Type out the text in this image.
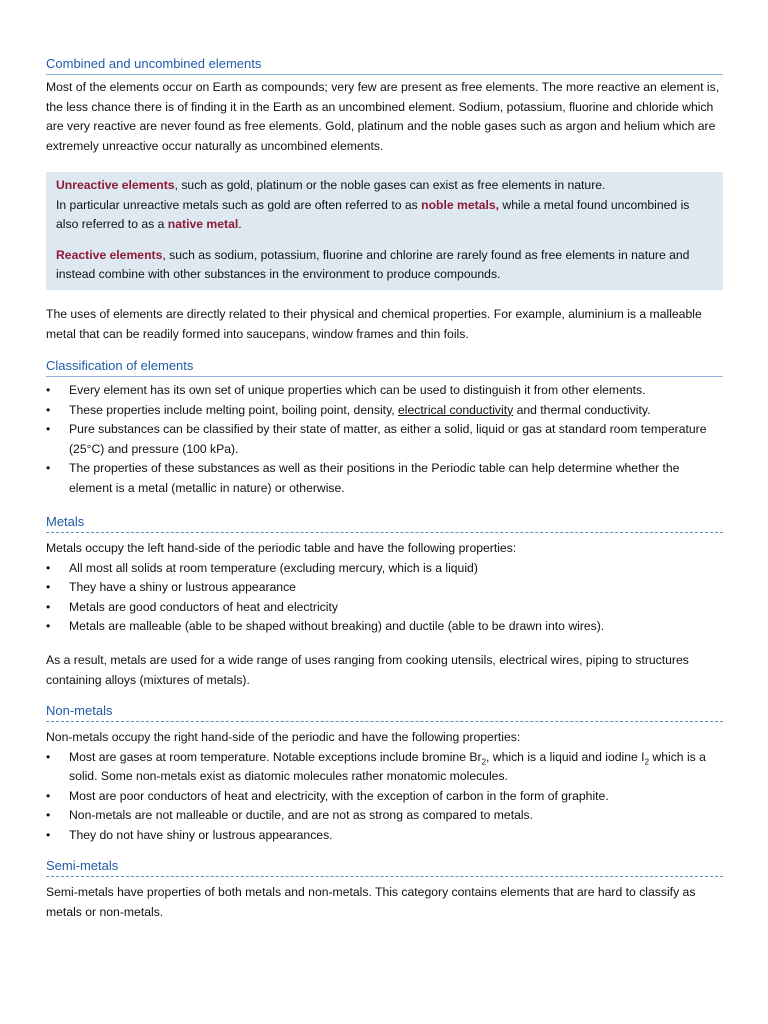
Combined and uncombined elements

Most of the elements occur on Earth as compounds; very few are present as free elements. The more reactive an element is, the less chance there is of finding it in the Earth as an uncombined element. Sodium, potassium, fluorine and chloride which are very reactive are never found as free elements. Gold, platinum and the noble gases such as argon and helium which are extremely unreactive occur naturally as uncombined elements.

Unreactive elements, such as gold, platinum or the noble gases can exist as free elements in nature.
In particular unreactive metals such as gold are often referred to as noble metals, while a metal found uncombined is also referred to as a native metal.

Reactive elements, such as sodium, potassium, fluorine and chlorine are rarely found as free elements in nature and instead combine with other substances in the environment to produce compounds.

The uses of elements are directly related to their physical and chemical properties. For example, aluminium is a malleable metal that can be readily formed into saucepans, window frames and thin foils.

Classification of elements
• Every element has its own set of unique properties which can be used to distinguish it from other elements.
• These properties include melting point, boiling point, density, electrical conductivity and thermal conductivity.
• Pure substances can be classified by their state of matter, as either a solid, liquid or gas at standard room temperature (25°C) and pressure (100 kPa).
• The properties of these substances as well as their positions in the Periodic table can help determine whether the element is a metal (metallic in nature) or otherwise.
Metals

Metals occupy the left hand-side of the periodic table and have the following properties:

• All most all solids at room temperature (excluding mercury, which is a liquid)
• They have a shiny or lustrous appearance
• Metals are good conductors of heat and electricity
• Metals are malleable (able to be shaped without breaking) and ductile (able to be drawn into wires).

As a result, metals are used for a wide range of uses ranging from cooking utensils, electrical wires, piping to structures containing alloys (mixtures of metals).

Non-metals

Non-metals occupy the right hand-side of the periodic and have the following properties:

• Most are gases at room temperature. Notable exceptions include bromine $Br_2$, which is a liquid and iodine $I_2$ which is a solid. Some non-metals exist as diatomic molecules rather monatomic molecules.
• Most are poor conductors of heat and electricity, with the exception of carbon in the form of graphite.
• Non-metals are not malleable or ductile, and are not as strong as compared to metals.
• They do not have shiny or lustrous appearances.
Semi-metals

Semi-metals have properties of both metals and non-metals. This category contains elements that are hard to classify as metals or non-metals.
